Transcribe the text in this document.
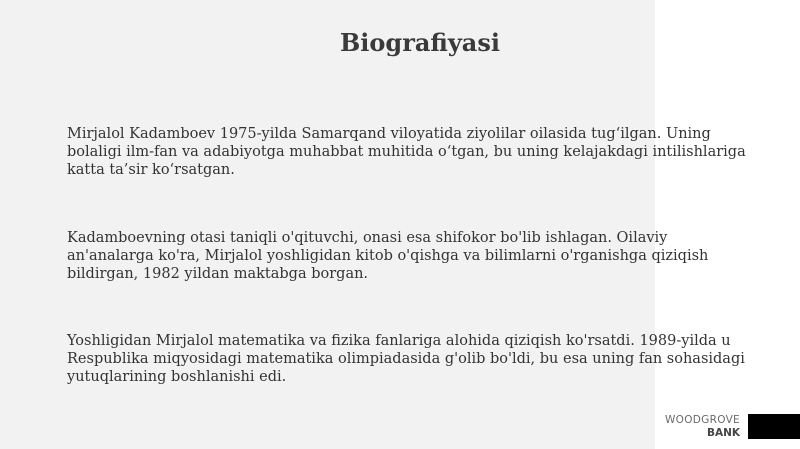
Biografiyasi

Mirjalol Kadamboev 1975-yilda Samarqand viloyatida ziyolilar oilasida tug‘ilgan. Uning bolaligi ilm-fan va adabiyotga muhabbat muhitida o‘tgan, bu uning kelajakdagi intilishlariga katta ta’sir ko‘rsatgan.

Kadamboevning otasi taniqli o'qituvchi, onasi esa shifokor bo'lib ishlagan. Oilaviy an'analarga ko'ra, Mirjalol yoshligidan kitob o'qishga va bilimlarni o'rganishga qiziqish bildirgan, 1982 yildan maktabga borgan.

Yoshligidan Mirjalol matematika va fizika fanlariga alohida qiziqish ko'rsatdi. 1989-yilda u Respublika miqyosidagi matematika olimpiadasida g'olib bo'ldi, bu esa uning fan sohasidagi yutuqlarining boshlanishi edi.

WOODGROVE
BANK
